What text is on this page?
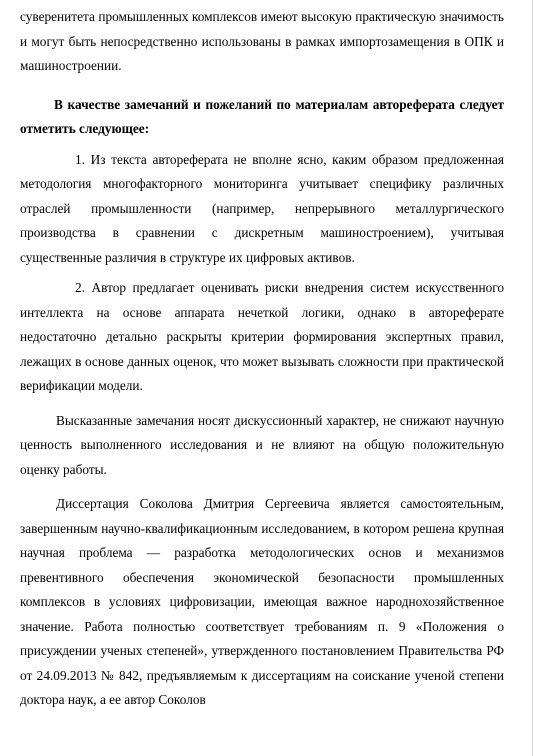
суверенитета промышленных комплексов имеют высокую практическую значимость и могут быть непосредственно использованы в рамках импортозамещения в ОПК и машиностроении.

В качестве замечаний и пожеланий по материалам автореферата следует отметить следующее:

1. Из текста автореферата не вполне ясно, каким образом предложенная методология многофакторного мониторинга учитывает специфику различных отраслей промышленности (например, непрерывного металлургического производства в сравнении с дискретным машиностроением), учитывая существенные различия в структуре их цифровых активов.

2. Автор предлагает оценивать риски внедрения систем искусственного интеллекта на основе аппарата нечеткой логики, однако в автореферате недостаточно детально раскрыты критерии формирования экспертных правил, лежащих в основе данных оценок, что может вызывать сложности при практической верификации модели.

Высказанные замечания носят дискуссионный характер, не снижают научную ценность выполненного исследования и не влияют на общую положительную оценку работы.

Диссертация Соколова Дмитрия Сергеевича является самостоятельным, завершенным научно-квалификационным исследованием, в котором решена крупная научная проблема — разработка методологических основ и механизмов превентивного обеспечения экономической безопасности промышленных комплексов в условиях цифровизации, имеющая важное народнохозяйственное значение. Работа полностью соответствует требованиям п. 9 «Положения о присуждении ученых степеней», утвержденного постановлением Правительства РФ от 24.09.2013 № 842, предъявляемым к диссертациям на соискание ученой степени доктора наук, а ее автор Соколов
